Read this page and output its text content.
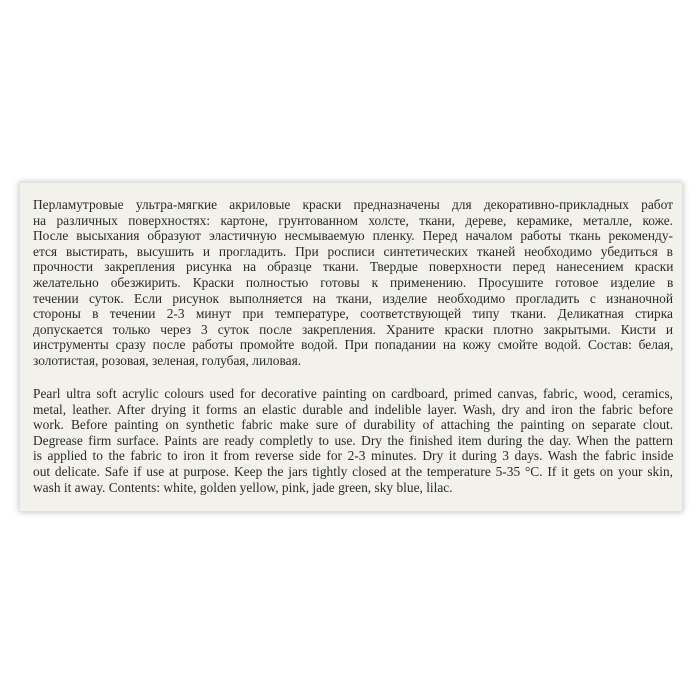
Перламутровые ультра-мягкие акриловые краски предназначены для декоративно-прикладных работ
на различных поверхностях: картоне, грунтованном холсте, ткани, дереве, керамике, металле, коже.
После высыхания образуют эластичную несмываемую пленку. Перед началом работы ткань рекоменду-
ется выстирать, высушить и прогладить. При росписи синтетических тканей необходимо убедиться в
прочности закрепления рисунка на образце ткани. Твердые поверхности перед нанесением краски
желательно обезжирить. Краски полностью готовы к применению. Просушите готовое изделие в
течении суток. Если рисунок выполняется на ткани, изделие необходимо прогладить с изнаночной
стороны в течении 2-3 минут при температуре, соответствующей типу ткани. Деликатная стирка
допускается только через 3 суток после закрепления. Храните краски плотно закрытыми. Кисти и
инструменты сразу после работы промойте водой. При попадании на кожу смойте водой. Состав: белая,
золотистая, розовая, зеленая, голубая, лиловая.
Pearl ultra soft acrylic colours used for decorative painting on cardboard, primed canvas, fabric, wood, ceramics,
metal, leather. After drying it forms an elastic durable and indelible layer. Wash, dry and iron the fabric before
work. Before painting on synthetic fabric make sure of durability of attaching the painting on separate clout.
Degrease firm surface. Paints are ready completly to use. Dry the finished item during the day. When the pattern
is applied to the fabric to iron it from reverse side for 2-3 minutes. Dry it during 3 days. Wash the fabric inside
out delicate. Safe if use at purpose. Keep the jars tightly closed at the temperature 5-35 °C. If it gets on your skin,
wash it away. Contents: white, golden yellow, pink, jade green, sky blue, lilac.
